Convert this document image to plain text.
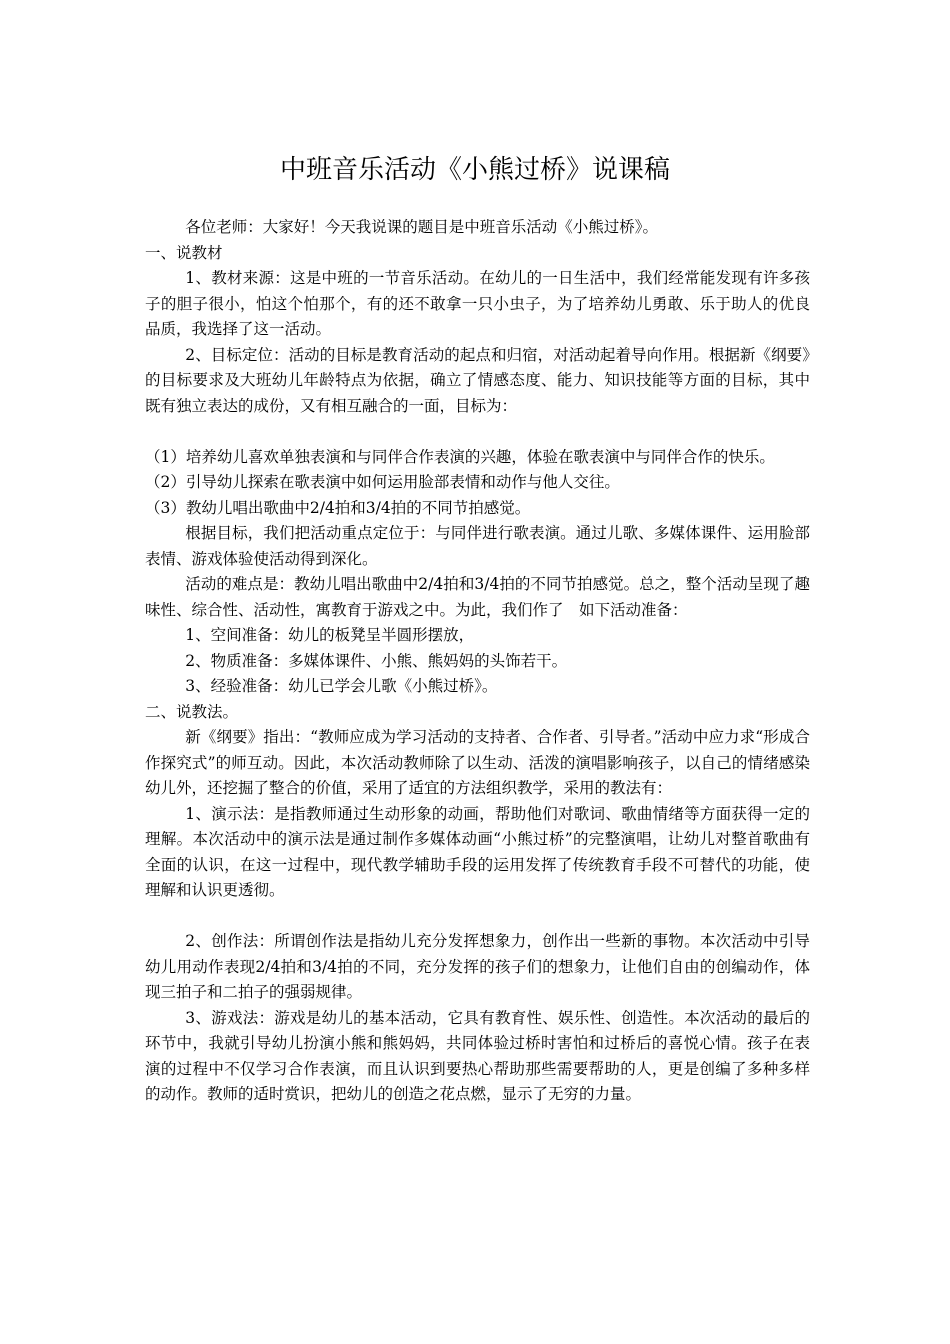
中班音乐活动《小熊过桥》说课稿

各位老师：大家好！今天我说课的题目是中班音乐活动《小熊过桥》。

一、说教材

1、教材来源：这是中班的一节音乐活动。在幼儿的一日生活中，我们经常能发现有许多孩子的胆子很小，怕这个怕那个，有的还不敢拿一只小虫子，为了培养幼儿勇敢、乐于助人的优良品质，我选择了这一活动。

2、目标定位：活动的目标是教育活动的起点和归宿，对活动起着导向作用。根据新《纲要》的目标要求及大班幼儿年龄特点为依据，确立了情感态度、能力、知识技能等方面的目标，其中既有独立表达的成份，又有相互融合的一面，目标为：

（1）培养幼儿喜欢单独表演和与同伴合作表演的兴趣，体验在歌表演中与同伴合作的快乐。

（2）引导幼儿探索在歌表演中如何运用脸部表情和动作与他人交往。

（3）教幼儿唱出歌曲中2/4拍和3/4拍的不同节拍感觉。

根据目标，我们把活动重点定位于：与同伴进行歌表演。通过儿歌、多媒体课件、运用脸部表情、游戏体验使活动得到深化。

活动的难点是：教幼儿唱出歌曲中2/4拍和3/4拍的不同节拍感觉。总之，整个活动呈现了趣味性、综合性、活动性，寓教育于游戏之中。为此，我们作了　如下活动准备：

1、空间准备：幼儿的板凳呈半圆形摆放，

2、物质准备：多媒体课件、小熊、熊妈妈的头饰若干。

3、经验准备：幼儿已学会儿歌《小熊过桥》。

二、说教法。

新《纲要》指出：“教师应成为学习活动的支持者、合作者、引导者。”活动中应力求“形成合作探究式”的师互动。因此，本次活动教师除了以生动、活泼的演唱影响孩子，以自己的情绪感染幼儿外，还挖掘了整合的价值，采用了适宜的方法组织教学，采用的教法有：

1、演示法：是指教师通过生动形象的动画，帮助他们对歌词、歌曲情绪等方面获得一定的理解。本次活动中的演示法是通过制作多媒体动画“小熊过桥”的完整演唱，让幼儿对整首歌曲有全面的认识，在这一过程中，现代教学辅助手段的运用发挥了传统教育手段不可替代的功能，使理解和认识更透彻。

2、创作法：所谓创作法是指幼儿充分发挥想象力，创作出一些新的事物。本次活动中引导幼儿用动作表现2/4拍和3/4拍的不同，充分发挥的孩子们的想象力，让他们自由的创编动作，体现三拍子和二拍子的强弱规律。

3、游戏法：游戏是幼儿的基本活动，它具有教育性、娱乐性、创造性。本次活动的最后的环节中，我就引导幼儿扮演小熊和熊妈妈，共同体验过桥时害怕和过桥后的喜悦心情。孩子在表演的过程中不仅学习合作表演，而且认识到要热心帮助那些需要帮助的人，更是创编了多种多样的动作。教师的适时赏识，把幼儿的创造之花点燃，显示了无穷的力量。
